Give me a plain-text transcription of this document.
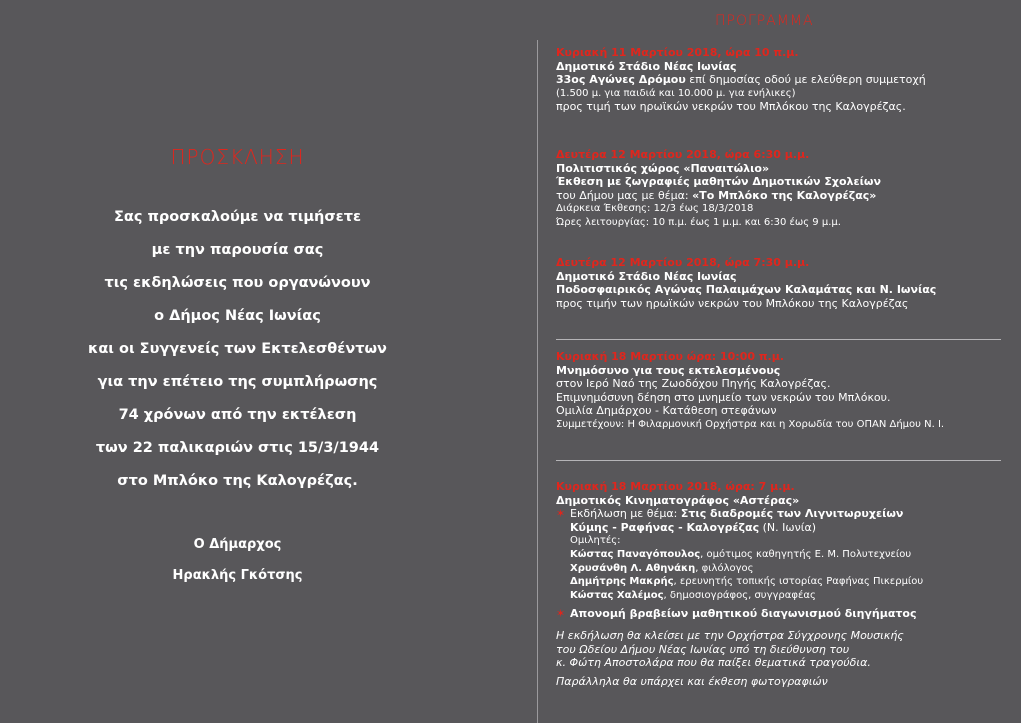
ΠΡΟΣΚΛΗΣΗ
Σας προσκαλούμε να τιμήσετε
με την παρουσία σας
τις εκδηλώσεις που οργανώνουν
ο Δήμος Νέας Ιωνίας
και οι Συγγενείς των Εκτελεσθέντων
για την επέτειο της συμπλήρωσης
74 χρόνων από την εκτέλεση
των 22 παλικαριών στις 15/3/1944
στο Μπλόκο της Καλογρέζας.
Ο Δήμαρχος
Ηρακλής Γκότσης
ΠΡΟΓΡΑΜΜΑ
Κυριακή 11 Μαρτίου 2018, ώρα 10 π.μ.
Δημοτικό Στάδιο Νέας Ιωνίας
33ος Αγώνες Δρόμου επί δημοσίας οδού με ελεύθερη συμμετοχή
(1.500 μ. για παιδιά και 10.000 μ. για ενήλικες)
προς τιμή των ηρωϊκών νεκρών του Μπλόκου της Καλογρέζας.
Δευτέρα 12 Μαρτίου 2018, ώρα 6:30 μ.μ.
Πολιτιστικός χώρος «Παναιτώλιο»
Έκθεση με ζωγραφιές μαθητών Δημοτικών Σχολείων
του Δήμου μας με θέμα: «Το Μπλόκο της Καλογρέζας»
Διάρκεια Έκθεσης: 12/3 έως 18/3/2018
Ώρες λειτουργίας: 10 π.μ. έως 1 μ.μ. και 6:30 έως 9 μ.μ.
Δευτέρα 12 Μαρτίου 2018, ώρα 7:30 μ.μ.
Δημοτικό Στάδιο Νέας Ιωνίας
Ποδοσφαιρικός Αγώνας Παλαιμάχων Καλαμάτας και Ν. Ιωνίας
προς τιμήν των ηρωϊκών νεκρών του Μπλόκου της Καλογρέζας
Κυριακή 18 Μαρτίου ώρα: 10:00 π.μ.
Μνημόσυνο για τους εκτελεσμένους
στον Ιερό Ναό της Ζωοδόχου Πηγής Καλογρέζας.
Επιμνημόσυνη δέηση στο μνημείο των νεκρών του Μπλόκου.
Ομιλία Δημάρχου - Κατάθεση στεφάνων
Συμμετέχουν: Η Φιλαρμονική Ορχήστρα και η Χορωδία του ΟΠΑΝ Δήμου Ν. Ι.
Κυριακή 18 Μαρτίου 2018, ώρα: 7 μ.μ.
Δημοτικός Κινηματογράφος «Αστέρας»
✶ Εκδήλωση με θέμα: Στις διαδρομές των Λιγνιτωρυχείων
Κύμης - Ραφήνας - Καλογρέζας (Ν. Ιωνία)
Ομιλητές:
Κώστας Παναγόπουλος, ομότιμος καθηγητής Ε. Μ. Πολυτεχνείου
Χρυσάνθη Λ. Αθηνάκη, φιλόλογος
Δημήτρης Μακρής, ερευνητής τοπικής ιστορίας Ραφήνας Πικερμίου
Κώστας Χαλέμος, δημοσιογράφος, συγγραφέας
✶ Απονομή βραβείων μαθητικού διαγωνισμού διηγήματος
Η εκδήλωση θα κλείσει με την Ορχήστρα Σύγχρονης Μουσικής
του Ωδείου Δήμου Νέας Ιωνίας υπό τη διεύθυνση του
κ. Φώτη Αποστολάρα που θα παίξει θεματικά τραγούδια.
Παράλληλα θα υπάρχει και έκθεση φωτογραφιών
